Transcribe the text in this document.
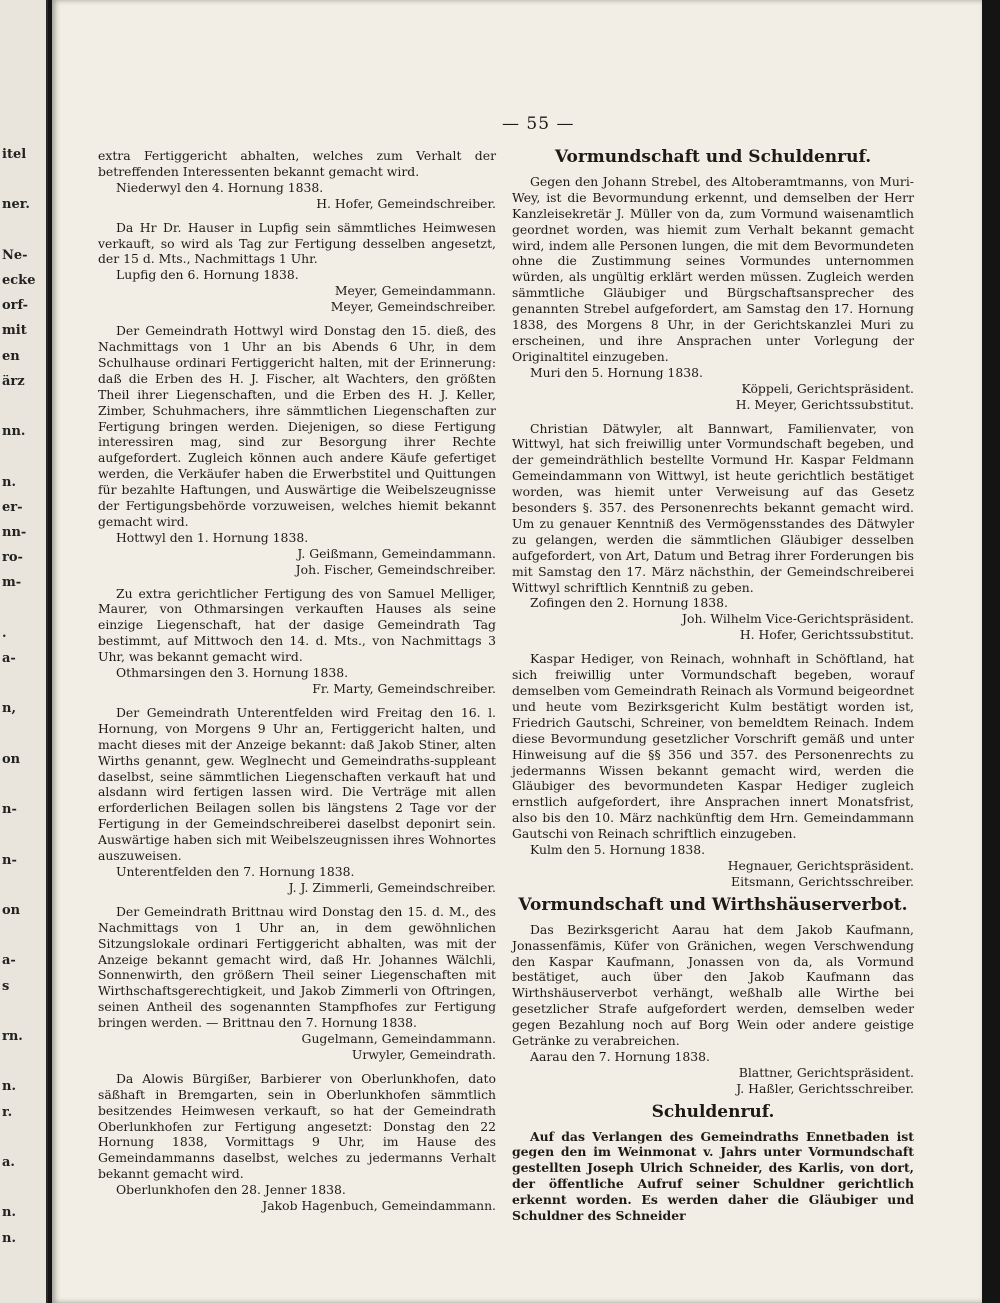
itel
ner.
Ne-
ecke
orf-
mit
en
ärz
nn.
n.
er-
nn-
ro-
m-
.
a-
n,
on
n-
n-
on
a-
s
rn.
n.
r.
a.
n.
n.
— 55 —

extra Fertiggericht abhalten, welches zum Verhalt der betreffenden Interessenten bekannt gemacht wird.

Niederwyl den 4. Hornung 1838.
H. Hofer, Gemeindschreiber.

Da Hr Dr. Hauser in Lupfig sein sämmtliches Heimwesen verkauft, so wird als Tag zur Fertigung desselben angesetzt, der 15 d. Mts., Nachmittags 1 Uhr.

Lupfig den 6. Hornung 1838.
Meyer, Gemeindammann.
Meyer, Gemeindschreiber.

Der Gemeindrath Hottwyl wird Donstag den 15. dieß, des Nachmittags von 1 Uhr an bis Abends 6 Uhr, in dem Schulhause ordinari Fertiggericht halten, mit der Erinnerung: daß die Erben des H. J. Fischer, alt Wachters, den größten Theil ihrer Liegenschaften, und die Erben des H. J. Keller, Zimber, Schuhmachers, ihre sämmtlichen Liegenschaften zur Fertigung bringen werden. Diejenigen, so diese Fertigung interessiren mag, sind zur Besorgung ihrer Rechte aufgefordert. Zugleich können auch andere Käufe gefertiget werden, die Verkäufer haben die Erwerbstitel und Quittungen für bezahlte Haftungen, und Auswärtige die Weibelszeugnisse der Fertigungsbehörde vorzuweisen, welches hiemit bekannt gemacht wird.

Hottwyl den 1. Hornung 1838.
J. Geißmann, Gemeindammann.
Joh. Fischer, Gemeindschreiber.

Zu extra gerichtlicher Fertigung des von Samuel Melliger, Maurer, von Othmarsingen verkauften Hauses als seine einzige Liegenschaft, hat der dasige Gemeindrath Tag bestimmt, auf Mittwoch den 14. d. Mts., von Nachmittags 3 Uhr, was bekannt gemacht wird.

Othmarsingen den 3. Hornung 1838.
Fr. Marty, Gemeindschreiber.

Der Gemeindrath Unterentfelden wird Freitag den 16. l. Hornung, von Morgens 9 Uhr an, Fertiggericht halten, und macht dieses mit der Anzeige bekannt: daß Jakob Stiner, alten Wirths genannt, gew. Weglnecht und Gemeindraths-suppleant daselbst, seine sämmtlichen Liegenschaften verkauft hat und alsdann wird fertigen lassen wird. Die Verträge mit allen erforderlichen Beilagen sollen bis längstens 2 Tage vor der Fertigung in der Gemeindschreiberei daselbst deponirt sein. Auswärtige haben sich mit Weibelszeugnissen ihres Wohnortes auszuweisen.

Unterentfelden den 7. Hornung 1838.
J. J. Zimmerli, Gemeindschreiber.

Der Gemeindrath Brittnau wird Donstag den 15. d. M., des Nachmittags von 1 Uhr an, in dem gewöhnlichen Sitzungslokale ordinari Fertiggericht abhalten, was mit der Anzeige bekannt gemacht wird, daß Hr. Johannes Wälchli, Sonnenwirth, den größern Theil seiner Liegenschaften mit Wirthschaftsgerechtigkeit, und Jakob Zimmerli von Oftringen, seinen Antheil des sogenannten Stampfhofes zur Fertigung bringen werden. — Brittnau den 7. Hornung 1838.

Gugelmann, Gemeindammann.
Urwyler, Gemeindrath.

Da Alowis Bürgißer, Barbierer von Oberlunkhofen, dato säßhaft in Bremgarten, sein in Oberlunkhofen sämmtlich besitzendes Heimwesen verkauft, so hat der Gemeindrath Oberlunkhofen zur Fertigung angesetzt: Donstag den 22 Hornung 1838, Vormittags 9 Uhr, im Hause des Gemeindammanns daselbst, welches zu jedermanns Verhalt bekannt gemacht wird.

Oberlunkhofen den 28. Jenner 1838.
Jakob Hagenbuch, Gemeindammann.
Vormundschaft und Schuldenruf.

Gegen den Johann Strebel, des Altoberamtmanns, von Muri-Wey, ist die Bevormundung erkennt, und demselben der Herr Kanzleisekretär J. Müller von da, zum Vormund waisenamtlich geordnet worden, was hiemit zum Verhalt bekannt gemacht wird, indem alle Personen lungen, die mit dem Bevormundeten ohne die Zustimmung seines Vormundes unternommen würden, als ungültig erklärt werden müssen. Zugleich werden sämmtliche Gläubiger und Bürgschaftsansprecher des genannten Strebel aufgefordert, am Samstag den 17. Hornung 1838, des Morgens 8 Uhr, in der Gerichtskanzlei Muri zu erscheinen, und ihre Ansprachen unter Vorlegung der Originaltitel einzugeben.

Muri den 5. Hornung 1838.
Köppeli, Gerichtspräsident.
H. Meyer, Gerichtssubstitut.

Christian Dätwyler, alt Bannwart, Familienvater, von Wittwyl, hat sich freiwillig unter Vormundschaft begeben, und der gemeindräthlich bestellte Vormund Hr. Kaspar Feldmann Gemeindammann von Wittwyl, ist heute gerichtlich bestätiget worden, was hiemit unter Verweisung auf das Gesetz besonders §. 357. des Personenrechts bekannt gemacht wird. Um zu genauer Kenntniß des Vermögensstandes des Dätwyler zu gelangen, werden die sämmtlichen Gläubiger desselben aufgefordert, von Art, Datum und Betrag ihrer Forderungen bis mit Samstag den 17. März nächsthin, der Gemeindschreiberei Wittwyl schriftlich Kenntniß zu geben.

Zofingen den 2. Hornung 1838.
Joh. Wilhelm Vice-Gerichtspräsident.
H. Hofer, Gerichtssubstitut.

Kaspar Hediger, von Reinach, wohnhaft in Schöftland, hat sich freiwillig unter Vormundschaft begeben, worauf demselben vom Gemeindrath Reinach als Vormund beigeordnet und heute vom Bezirksgericht Kulm bestätigt worden ist, Friedrich Gautschi, Schreiner, von bemeldtem Reinach. Indem diese Bevormundung gesetzlicher Vorschrift gemäß und unter Hinweisung auf die §§ 356 und 357. des Personenrechts zu jedermanns Wissen bekannt gemacht wird, werden die Gläubiger des bevormundeten Kaspar Hediger zugleich ernstlich aufgefordert, ihre Ansprachen innert Monatsfrist, also bis den 10. März nachkünftig dem Hrn. Gemeindammann Gautschi von Reinach schriftlich einzugeben.

Kulm den 5. Hornung 1838.
Hegnauer, Gerichtspräsident.
Eitsmann, Gerichtsschreiber.
Vormundschaft und Wirthshäuserverbot.

Das Bezirksgericht Aarau hat dem Jakob Kaufmann, Jonassenfämis, Küfer von Gränichen, wegen Verschwendung den Kaspar Kaufmann, Jonassen von da, als Vormund bestätiget, auch über den Jakob Kaufmann das Wirthshäuserverbot verhängt, weßhalb alle Wirthe bei gesetzlicher Strafe aufgefordert werden, demselben weder gegen Bezahlung noch auf Borg Wein oder andere geistige Getränke zu verabreichen.

Aarau den 7. Hornung 1838.
Blattner, Gerichtspräsident.
J. Haßler, Gerichtsschreiber.
Schuldenruf.

Auf das Verlangen des Gemeindraths Ennetbaden ist gegen den im Weinmonat v. Jahrs unter Vormundschaft gestellten Joseph Ulrich Schneider, des Karlis, von dort, der öffentliche Aufruf seiner Schuldner gerichtlich erkennt worden. Es werden daher die Gläubiger und Schuldner des Schneider
